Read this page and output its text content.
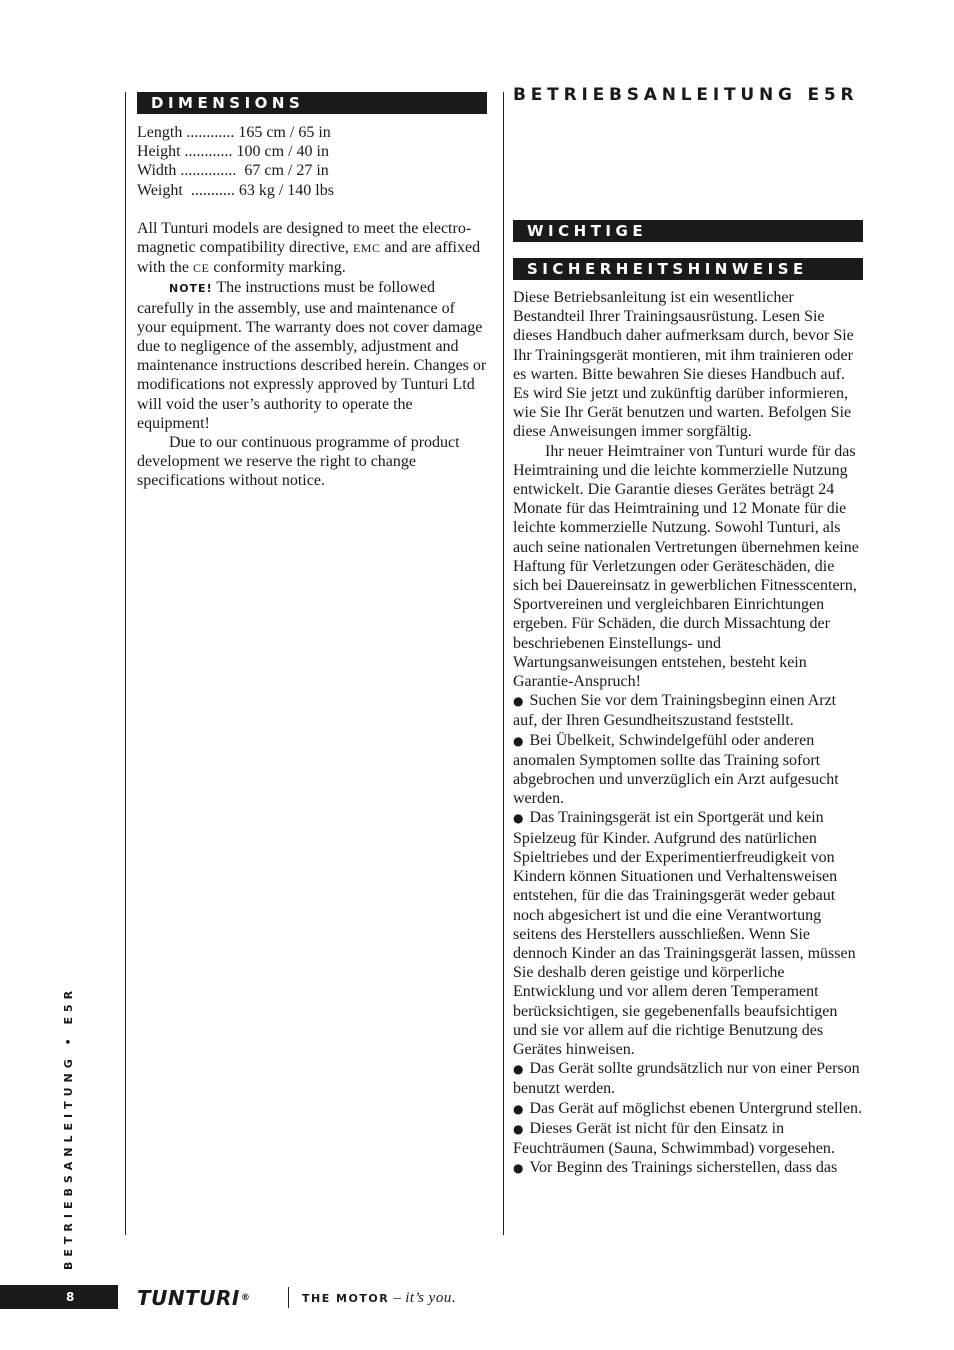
DIMENSIONS
Length ............ 165 cm / 65 in
Height ............ 100 cm / 40 in
Width ..............  67 cm / 27 in
Weight  ........... 63 kg / 140 lbs

All Tunturi models are designed to meet the electro-magnetic compatibility directive, EMC and are affixed with the CE conformity marking.

NOTE! The instructions must be followed carefully in the assembly, use and maintenance of your equipment. The warranty does not cover damage due to negligence of the assembly, adjustment and maintenance instructions described herein. Changes or modifications not expressly approved by Tunturi Ltd will void the user’s authority to operate the equipment!

Due to our continuous programme of product development we reserve the right to change specifications without notice.

BETRIEBSANLEITUNG E5R
WICHTIGE
SICHERHEITSHINWEISE

Diese Betriebsanleitung ist ein wesentlicher Bestandteil Ihrer Trainingsausrüstung. Lesen Sie dieses Handbuch daher aufmerksam durch, bevor Sie Ihr Trainingsgerät montieren, mit ihm trainieren oder es warten. Bitte bewahren Sie dieses Handbuch auf. Es wird Sie jetzt und zukünftig darüber informieren, wie Sie Ihr Gerät benutzen und warten. Befolgen Sie diese Anweisungen immer sorgfältig.

Ihr neuer Heimtrainer von Tunturi wurde für das Heimtraining und die leichte kommerzielle Nutzung entwickelt. Die Garantie dieses Gerätes beträgt 24 Monate für das Heimtraining und 12 Monate für die leichte kommerzielle Nutzung. Sowohl Tunturi, als auch seine nationalen Vertretungen übernehmen keine Haftung für Verletzungen oder Geräteschäden, die sich bei Dauereinsatz in gewerblichen Fitnesscentern, Sportvereinen und vergleichbaren Einrichtungen ergeben. Für Schäden, die durch Missachtung der beschriebenen Einstellungs- und Wartungsanweisungen entstehen, besteht kein Garantie-Anspruch!

● Suchen Sie vor dem Trainingsbeginn einen Arzt auf, der Ihren Gesundheitszustand feststellt.

● Bei Übelkeit, Schwindelgefühl oder anderen anomalen Symptomen sollte das Training sofort abgebrochen und unverzüglich ein Arzt aufgesucht werden.

● Das Trainingsgerät ist ein Sportgerät und kein Spielzeug für Kinder. Aufgrund des natürlichen Spieltriebes und der Experimentierfreudigkeit von Kindern können Situationen und Verhaltensweisen entstehen, für die das Trainingsgerät weder gebaut noch abgesichert ist und die eine Verantwortung seitens des Herstellers ausschließen. Wenn Sie dennoch Kinder an das Trainingsgerät lassen, müssen Sie deshalb deren geistige und körperliche Entwicklung und vor allem deren Temperament berücksichtigen, sie gegebenenfalls beaufsichtigen und sie vor allem auf die richtige Benutzung des Gerätes hinweisen.

● Das Gerät sollte grundsätzlich nur von einer Person benutzt werden.

● Das Gerät auf möglichst ebenen Untergrund stellen.

● Dieses Gerät ist nicht für den Einsatz in Feuchträumen (Sauna, Schwimmbad) vorgesehen.

● Vor Beginn des Trainings sicherstellen, dass das

BETRIEBSANLEITUNG • E5R
8	TUNTURI®	THE MOTOR – it’s you.
